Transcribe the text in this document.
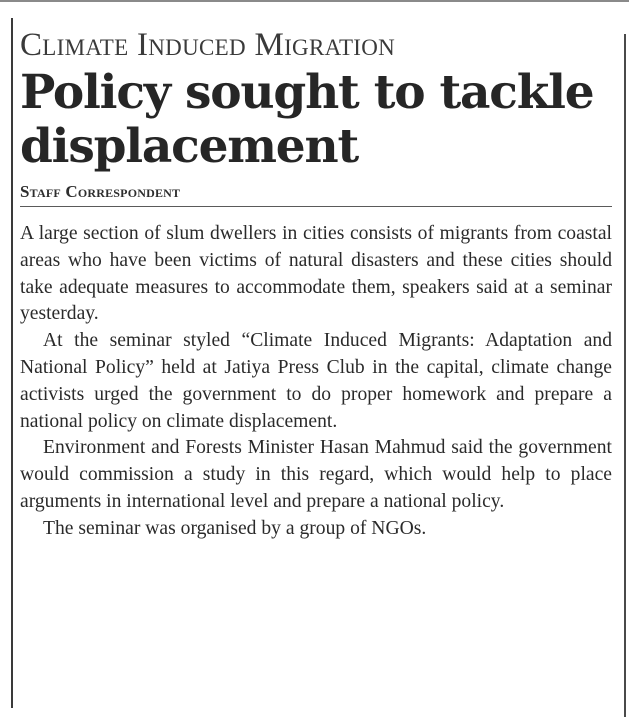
Climate Induced Migration
Policy sought to tackle displacement
Staff Correspondent

A large section of slum dwellers in cities consists of migrants from coastal areas who have been victims of natural disasters and these cities should take adequate measures to accommodate them, speakers said at a seminar yesterday.

At the seminar styled “Climate Induced Migrants: Adaptation and National Policy” held at Jatiya Press Club in the capital, climate change activists urged the government to do proper homework and prepare a national policy on climate displacement.

Environment and Forests Minister Hasan Mahmud said the government would commission a study in this regard, which would help to place arguments in international level and prepare a national policy.

The seminar was organised by a group of NGOs.
